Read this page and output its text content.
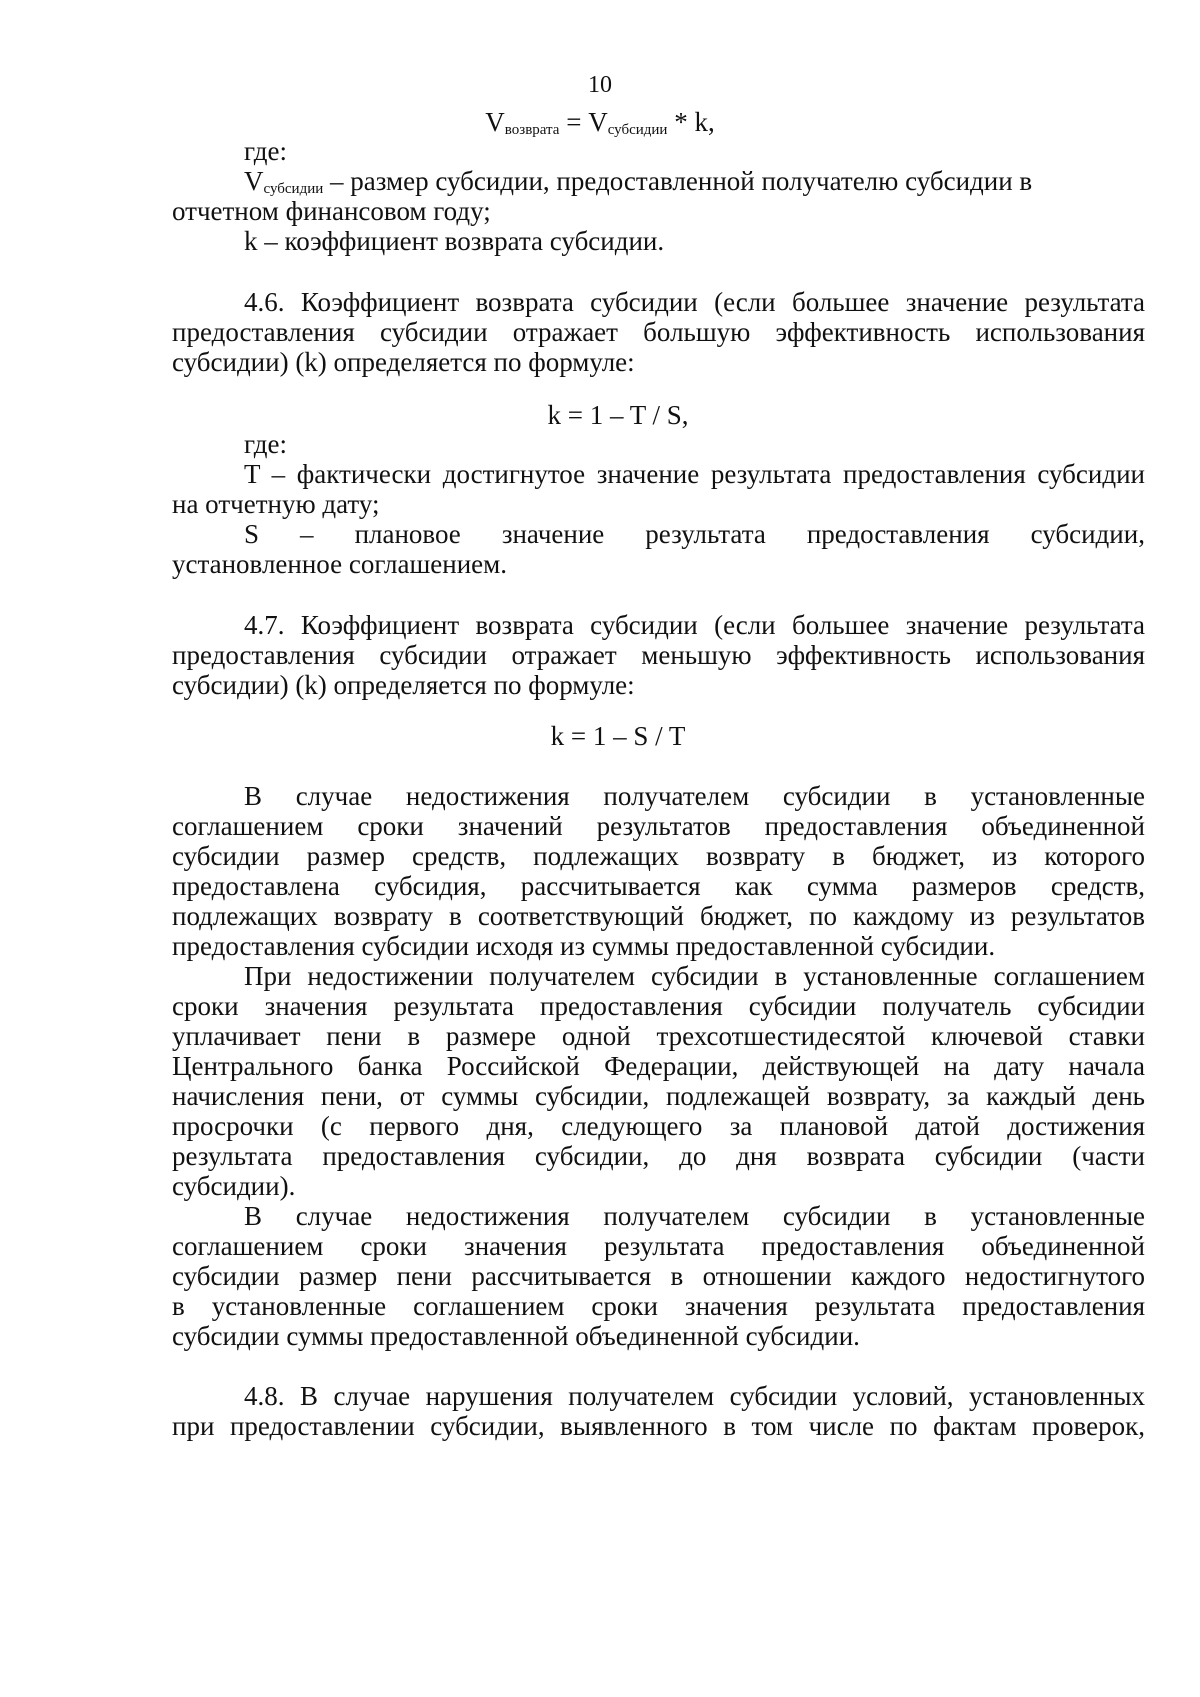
10
$V_{возврата} = V_{субсидии} * k$,
где:
$V_{субсидии}$ – размер субсидии, предоставленной получателю субсидии в
отчетном финансовом году;
k – коэффициент возврата субсидии.
4.6. Коэффициент возврата субсидии (если большее значение результата
предоставления субсидии отражает большую эффективность использования
субсидии) (k) определяется по формуле:
k = 1 – T / S,
где:
T – фактически достигнутое значение результата предоставления субсидии
на отчетную дату;
S – плановое значение результата предоставления субсидии,
установленное соглашением.
4.7. Коэффициент возврата субсидии (если большее значение результата
предоставления субсидии отражает меньшую эффективность использования
субсидии) (k) определяется по формуле:
k = 1 – S / T
В случае недостижения получателем субсидии в установленные
соглашением сроки значений результатов предоставления объединенной
субсидии размер средств, подлежащих возврату в бюджет, из которого
предоставлена субсидия, рассчитывается как сумма размеров средств,
подлежащих возврату в соответствующий бюджет, по каждому из результатов
предоставления субсидии исходя из суммы предоставленной субсидии.
При недостижении получателем субсидии в установленные соглашением
сроки значения результата предоставления субсидии получатель субсидии
уплачивает пени в размере одной трехсотшестидесятой ключевой ставки
Центрального банка Российской Федерации, действующей на дату начала
начисления пени, от суммы субсидии, подлежащей возврату, за каждый день
просрочки (с первого дня, следующего за плановой датой достижения
результата предоставления субсидии, до дня возврата субсидии (части
субсидии).
В случае недостижения получателем субсидии в установленные
соглашением сроки значения результата предоставления объединенной
субсидии размер пени рассчитывается в отношении каждого недостигнутого
в установленные соглашением сроки значения результата предоставления
субсидии суммы предоставленной объединенной субсидии.
4.8. В случае нарушения получателем субсидии условий, установленных
при предоставлении субсидии, выявленного в том числе по фактам проверок,
